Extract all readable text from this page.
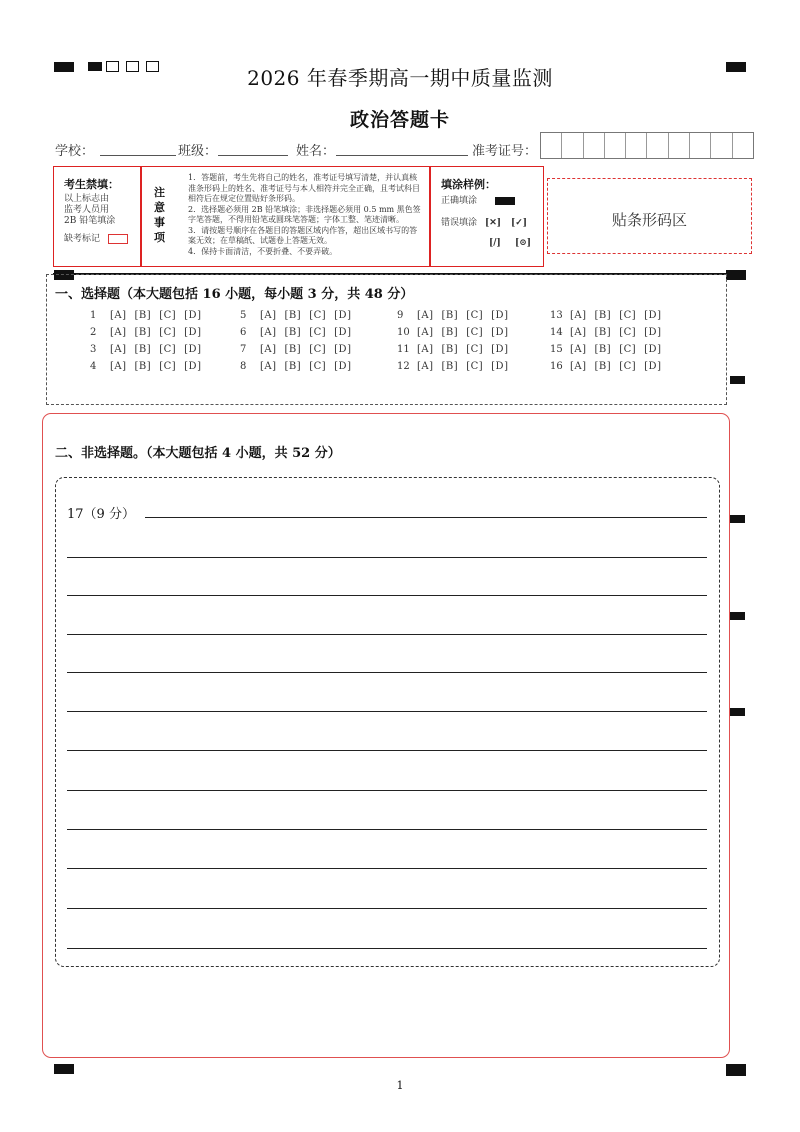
2026 年春季期高一期中质量监测
政治答题卡
学校：	班级：	姓名：	准考证号：
考生禁填：
以上标志由
监考人员用
2B 铅笔填涂
缺考标记
注意事项
1．答题前，考生先将自己的姓名，准考证号填写清楚，并认真核准条形码上的姓名、准考证号与本人相符并完全正确，且考试科目相符后在规定位置贴好条形码。
2．选择题必须用 2B 铅笔填涂；非选择题必须用 0.5 mm 黑色签字笔答题，不得用铅笔或圆珠笔答题；字体工整、笔迹清晰。
3．请按题号顺序在各题目的答题区域内作答，超出区域书写的答案无效；在草稿纸、试题卷上答题无效。
4．保持卡面清洁，不要折叠、不要弄破。
填涂样例：
正确填涂
错误填涂 [✕] [✓]
[/] [⊙]
贴条形码区
一、选择题（本大题包括 16 小题，每小题 3 分，共 48 分）
1 [A] [B] [C] [D]
2 [A] [B] [C] [D]
3 [A] [B] [C] [D]
4 [A] [B] [C] [D]
5 [A] [B] [C] [D]
6 [A] [B] [C] [D]
7 [A] [B] [C] [D]
8 [A] [B] [C] [D]
9 [A] [B] [C] [D]
10 [A] [B] [C] [D]
11 [A] [B] [C] [D]
12 [A] [B] [C] [D]
13 [A] [B] [C] [D]
14 [A] [B] [C] [D]
15 [A] [B] [C] [D]
16 [A] [B] [C] [D]
二、非选择题。（本大题包括 4 小题，共 52 分）
17（9 分）
1
